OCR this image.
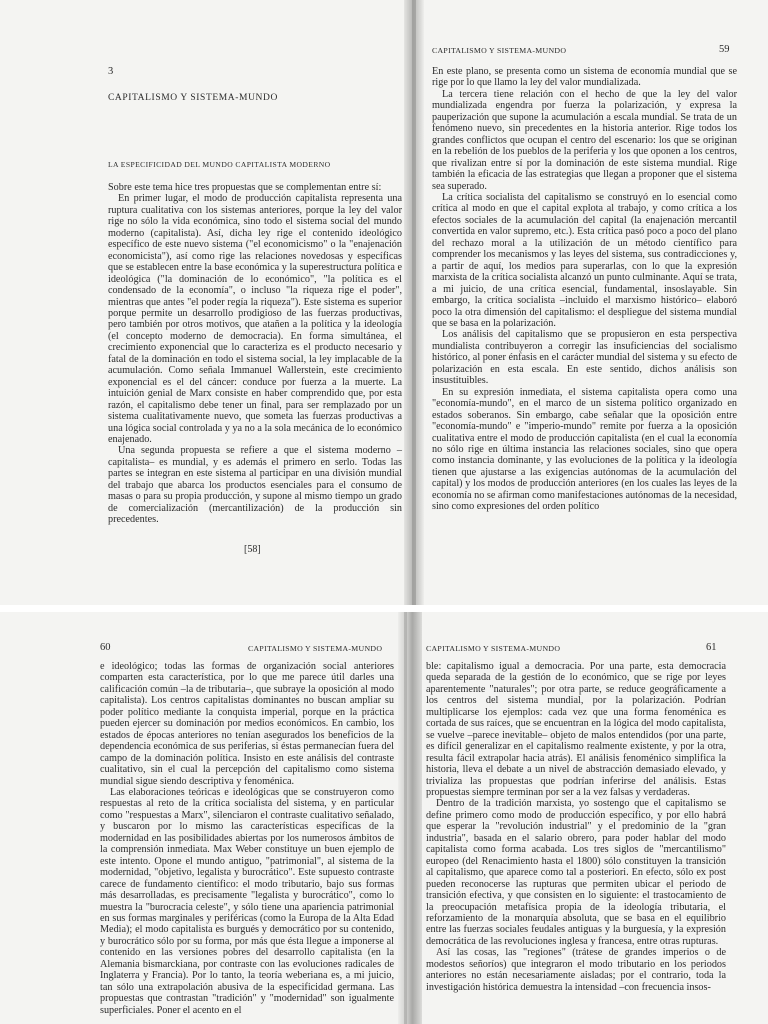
3
CAPITALISMO Y SISTEMA-MUNDO
LA ESPECIFICIDAD DEL MUNDO CAPITALISTA MODERNO

Sobre este tema hice tres propuestas que se complementan entre sí:

En primer lugar, el modo de producción capitalista representa una ruptura cualitativa con los sistemas anteriores, porque la ley del valor rige no sólo la vida económica, sino todo el sistema social del mundo moderno (capitalista). Así, dicha ley rige el contenido ideológico específico de este nuevo sistema ("el economicismo" o la "enajenación economicista"), así como rige las relaciones novedosas y específicas que se establecen entre la base económica y la superestructura política e ideológica ("la dominación de lo económico", "la política es el condensado de la economía", o incluso "la riqueza rige el poder", mientras que antes "el poder regía la riqueza"). Este sistema es superior porque permite un desarrollo prodigioso de las fuerzas productivas, pero también por otros motivos, que atañen a la política y la ideología (el concepto moderno de democracia). En forma simultánea, el crecimiento exponencial que lo caracteriza es el producto necesario y fatal de la dominación en todo el sistema social, la ley implacable de la acumulación. Como señala Immanuel Wallerstein, este crecimiento exponencial es el del cáncer: conduce por fuerza a la muerte. La intuición genial de Marx consiste en haber comprendido que, por esta razón, el capitalismo debe tener un final, para ser remplazado por un sistema cualitativamente nuevo, que someta las fuerzas productivas a una lógica social controlada y ya no a la sola mecánica de lo económico enajenado.

Una segunda propuesta se refiere a que el sistema moderno –capitalista– es mundial, y es además el primero en serlo. Todas las partes se integran en este sistema al participar en una división mundial del trabajo que abarca los productos esenciales para el consumo de masas o para su propia producción, y supone al mismo tiempo un grado de comercialización (mercantilización) de la producción sin precedentes.

[58]
CAPITALISMO Y SISTEMA-MUNDO	59

En este plano, se presenta como un sistema de economía mundial que se rige por lo que llamo la ley del valor mundializada.

La tercera tiene relación con el hecho de que la ley del valor mundializada engendra por fuerza la polarización, y expresa la pauperización que supone la acumulación a escala mundial. Se trata de un fenómeno nuevo, sin precedentes en la historia anterior. Rige todos los grandes conflictos que ocupan el centro del escenario: los que se originan en la rebelión de los pueblos de la periferia y los que oponen a los centros, que rivalizan entre sí por la dominación de este sistema mundial. Rige también la eficacia de las estrategias que llegan a proponer que el sistema sea superado.

La crítica socialista del capitalismo se construyó en lo esencial como crítica al modo en que el capital explota al trabajo, y como crítica a los efectos sociales de la acumulación del capital (la enajenación mercantil convertida en valor supremo, etc.). Esta crítica pasó poco a poco del plano del rechazo moral a la utilización de un método científico para comprender los mecanismos y las leyes del sistema, sus contradicciones y, a partir de aquí, los medios para superarlas, con lo que la expresión marxista de la crítica socialista alcanzó un punto culminante. Aquí se trata, a mi juicio, de una crítica esencial, fundamental, insoslayable. Sin embargo, la crítica socialista –incluido el marxismo histórico– elaboró poco la otra dimensión del capitalismo: el despliegue del sistema mundial que se basa en la polarización.

Los análisis del capitalismo que se propusieron en esta perspectiva mundialista contribuyeron a corregir las insuficiencias del socialismo histórico, al poner énfasis en el carácter mundial del sistema y su efecto de polarización en esta escala. En este sentido, dichos análisis son insustituibles.

En su expresión inmediata, el sistema capitalista opera como una "economía-mundo", en el marco de un sistema político organizado en estados soberanos. Sin embargo, cabe señalar que la oposición entre "economía-mundo" e "imperio-mundo" remite por fuerza a la oposición cualitativa entre el modo de producción capitalista (en el cual la economía no sólo rige en última instancia las relaciones sociales, sino que opera como instancia dominante, y las evoluciones de la política y la ideología tienen que ajustarse a las exigencias autónomas de la acumulación del capital) y los modos de producción anteriores (en los cuales las leyes de la economía no se afirman como manifestaciones autónomas de la necesidad, sino como expresiones del orden político

60	CAPITALISMO Y SISTEMA-MUNDO

e ideológico; todas las formas de organización social anteriores comparten esta característica, por lo que me parece útil darles una calificación común –la de tributaria–, que subraye la oposición al modo capitalista). Los centros capitalistas dominantes no buscan ampliar su poder político mediante la conquista imperial, porque en la práctica pueden ejercer su dominación por medios económicos. En cambio, los estados de épocas anteriores no tenían asegurados los beneficios de la dependencia económica de sus periferias, si éstas permanecían fuera del campo de la dominación política. Insisto en este análisis del contraste cualitativo, sin el cual la percepción del capitalismo como sistema mundial sigue siendo descriptiva y fenoménica.

Las elaboraciones teóricas e ideológicas que se construyeron como respuestas al reto de la crítica socialista del sistema, y en particular como "respuestas a Marx", silenciaron el contraste cualitativo señalado, y buscaron por lo mismo las características específicas de la modernidad en las posibilidades abiertas por los numerosos ámbitos de la comprensión inmediata. Max Weber constituye un buen ejemplo de este intento. Opone el mundo antiguo, "patrimonial", al sistema de la modernidad, "objetivo, legalista y burocrático". Este supuesto contraste carece de fundamento científico: el modo tributario, bajo sus formas más desarrolladas, es precisamente "legalista y burocrático", como lo muestra la "burocracia celeste", y sólo tiene una apariencia patrimonial en sus formas marginales y periféricas (como la Europa de la Alta Edad Media); el modo capitalista es burgués y democrático por su contenido, y burocrático sólo por su forma, por más que ésta llegue a imponerse al contenido en las versiones pobres del desarrollo capitalista (en la Alemania bismarckiana, por contraste con las evoluciones radicales de Inglaterra y Francia). Por lo tanto, la teoría weberiana es, a mi juicio, tan sólo una extrapolación abusiva de la especificidad germana. Las propuestas que contrastan "tradición" y "modernidad" son igualmente superficiales. Poner el acento en el

CAPITALISMO Y SISTEMA-MUNDO	61

ble: capitalismo igual a democracia. Por una parte, esta democracia queda separada de la gestión de lo económico, que se rige por leyes aparentemente "naturales"; por otra parte, se reduce geográficamente a los centros del sistema mundial, por la polarización. Podrían multiplicarse los ejemplos: cada vez que una forma fenoménica es cortada de sus raíces, que se encuentran en la lógica del modo capitalista, se vuelve –parece inevitable– objeto de malos entendidos (por una parte, es difícil generalizar en el capitalismo realmente existente, y por la otra, resulta fácil extrapolar hacia atrás). El análisis fenoménico simplifica la historia, lleva el debate a un nivel de abstracción demasiado elevado, y trivializa las propuestas que podrían inferirse del análisis. Estas propuestas siempre terminan por ser a la vez falsas y verdaderas.

Dentro de la tradición marxista, yo sostengo que el capitalismo se define primero como modo de producción específico, y por ello habrá que esperar la "revolución industrial" y el predominio de la "gran industria", basada en el salario obrero, para poder hablar del modo capitalista como forma acabada. Los tres siglos de "mercantilismo" europeo (del Renacimiento hasta el 1800) sólo constituyen la transición al capitalismo, que aparece como tal a posteriori. En efecto, sólo ex post pueden reconocerse las rupturas que permiten ubicar el periodo de transición efectiva, y que consisten en lo siguiente: el trastocamiento de la preocupación metafísica propia de la ideología tributaria, el reforzamiento de la monarquía absoluta, que se basa en el equilibrio entre las fuerzas sociales feudales antiguas y la burguesía, y la expresión democrática de las revoluciones inglesa y francesa, entre otras rupturas.

Así las cosas, las "regiones" (trátese de grandes imperios o de modestos señoríos) que integraron el modo tributario en los periodos anteriores no están necesariamente aisladas; por el contrario, toda la investigación histórica demuestra la intensidad –con frecuencia insos-
